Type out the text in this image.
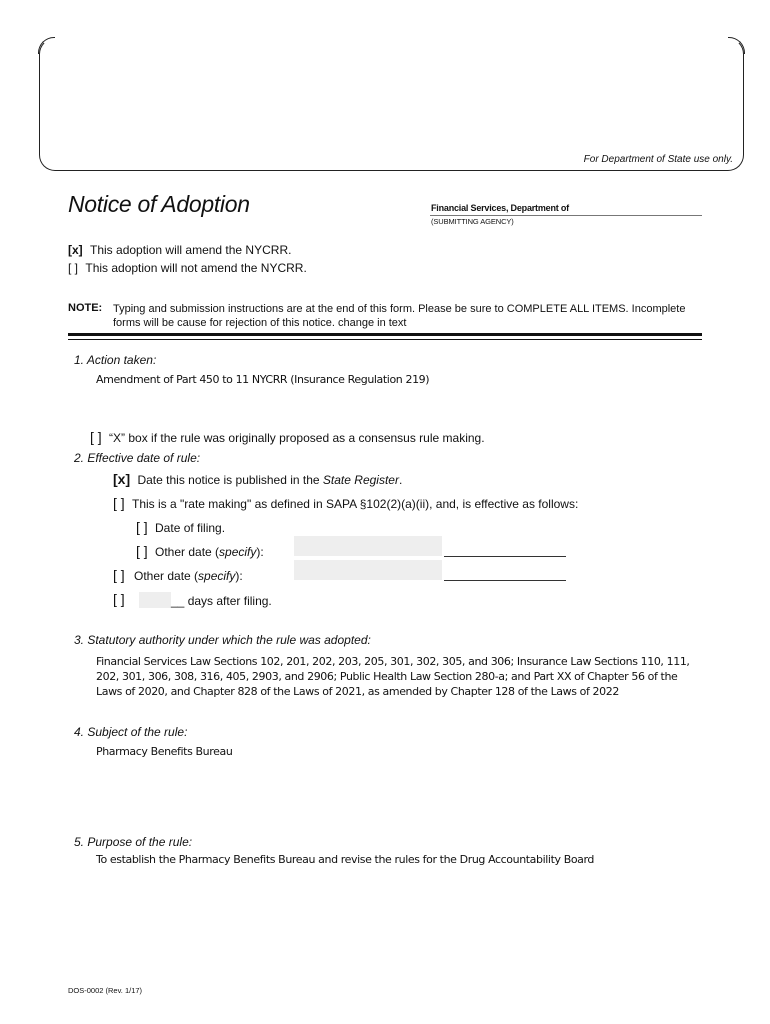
For Department of State use only.
Notice of Adoption	Financial Services, Department of
(SUBMITTING AGENCY)
[x] This adoption will amend the NYCRR.
[ ] This adoption will not amend the NYCRR.
NOTE: Typing and submission instructions are at the end of this form. Please be sure to COMPLETE ALL ITEMS. Incomplete forms will be cause for rejection of this notice. change in text
1. Action taken:
Amendment of Part 450 to 11 NYCRR (Insurance Regulation 219)
[ ] “X” box if the rule was originally proposed as a consensus rule making.
2. Effective date of rule:
[x] Date this notice is published in the State Register.
[ ] This is a "rate making" as defined in SAPA §102(2)(a)(ii), and, is effective as follows:
[ ] Date of filing.
[ ] Other date (specify):
[ ] Other date (specify):
[ ]	__ days after filing.
3. Statutory authority under which the rule was adopted:
Financial Services Law Sections 102, 201, 202, 203, 205, 301, 302, 305, and 306; Insurance Law Sections 110, 111,
202, 301, 306, 308, 316, 405, 2903, and 2906; Public Health Law Section 280-a; and Part XX of Chapter 56 of the
Laws of 2020, and Chapter 828 of the Laws of 2021, as amended by Chapter 128 of the Laws of 2022
4. Subject of the rule:
Pharmacy Benefits Bureau
5. Purpose of the rule:
To establish the Pharmacy Benefits Bureau and revise the rules for the Drug Accountability Board
DOS-0002 (Rev. 1/17)
